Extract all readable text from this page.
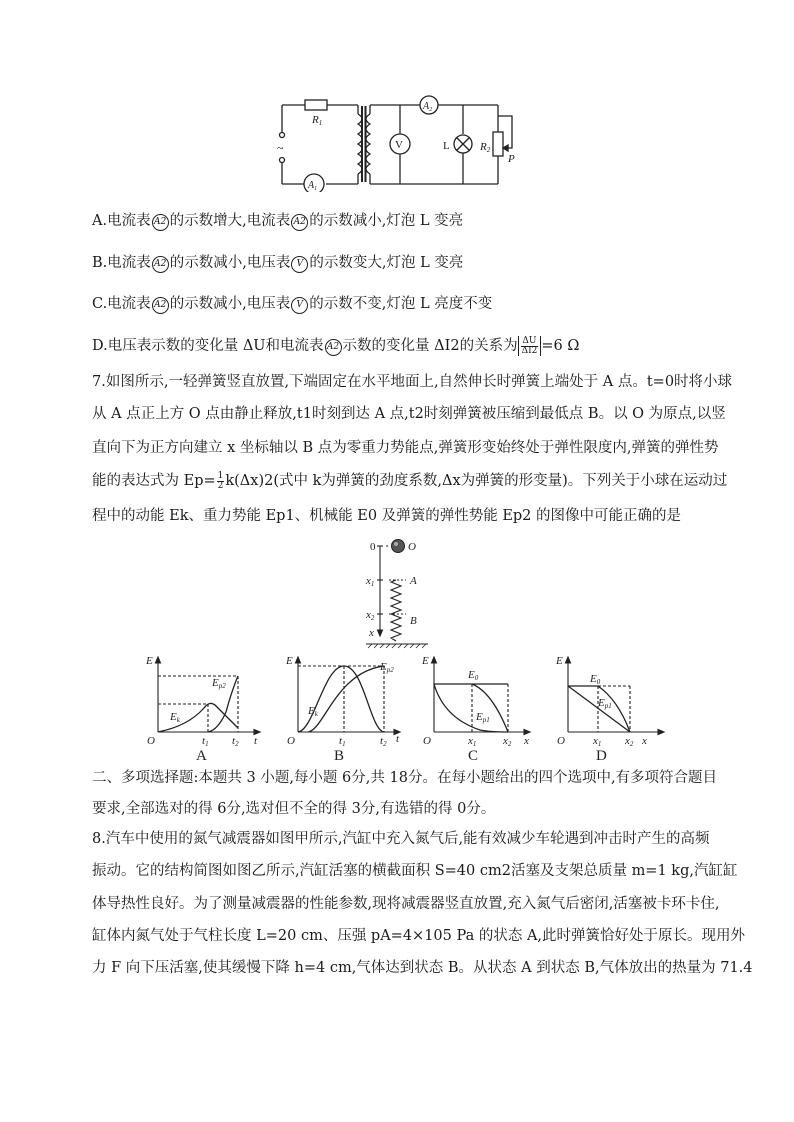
R1
$A_1$
$A_2$
V	L	R2
P
~
A.电流表 A2 的示数增大,电流表 A2 的示数减小,灯泡 L 变亮
B.电流表 A2 的示数减小,电压表 V 的示数变大,灯泡 L 变亮
C.电流表 A2 的示数减小,电压表 V 的示数不变,灯泡 L 亮度不变
D.电压表示数的变化量 ΔU和电流表 A2 示数的变化量 ΔI2的关系为 $\frac{\Delta U}{\Delta I2} =6$ Ω
7.如图所示,一轻弹簧竖直放置,下端固定在水平地面上,自然伸长时弹簧上端处于 A 点。t=0时将小球
从 A 点正上方 O 点由静止释放,t1时刻到达 A 点,t2时刻弹簧被压缩到最低点 B。以 O 为原点,以竖
直向下为正方向建立 x 坐标轴以 B 点为零重力势能点,弹簧形变始终处于弹性限度内,弹簧的弹性势
能的表达式为 $Ep= \frac{1}{2} k(\Delta x)2$(式中 k为弹簧的劲度系数,Δx为弹簧的形变量)。下列关于小球在运动过
程中的动能 Ek、重力势能 Ep1、机械能 E0 及弹簧的弹性势能 Ep2 的图像中可能正确的是
0	O
x1	A
x2	B
x
E
O	t1 t2 t
Ek
Ep2
A
E
O	t1	t2 t
Ek
Ep2
B
E
O	x1 x2 x
E0
Ep1
C
E
O	x1 x2 x
E0
Ep1
D
二、多项选择题:本题共 3 小题,每小题 6分,共 18分。在每小题给出的四个选项中,有多项符合题目
要求,全部选对的得 6分,选对但不全的得 3分,有选错的得 0分。
8.汽车中使用的氮气减震器如图甲所示,汽缸中充入氮气后,能有效减少车轮遇到冲击时产生的高频
振动。它的结构简图如图乙所示,汽缸活塞的横截面积 S=40 cm2活塞及支架总质量 m=1 kg,汽缸缸
体导热性良好。为了测量减震器的性能参数,现将减震器竖直放置,充入氮气后密闭,活塞被卡环卡住,
缸体内氮气处于气柱长度 L=20 cm、压强 pA=4×105 Pa 的状态 A,此时弹簧恰好处于原长。现用外
力 F 向下压活塞,使其缓慢下降 h=4 cm,气体达到状态 B。从状态 A 到状态 B,气体放出的热量为 71.4
